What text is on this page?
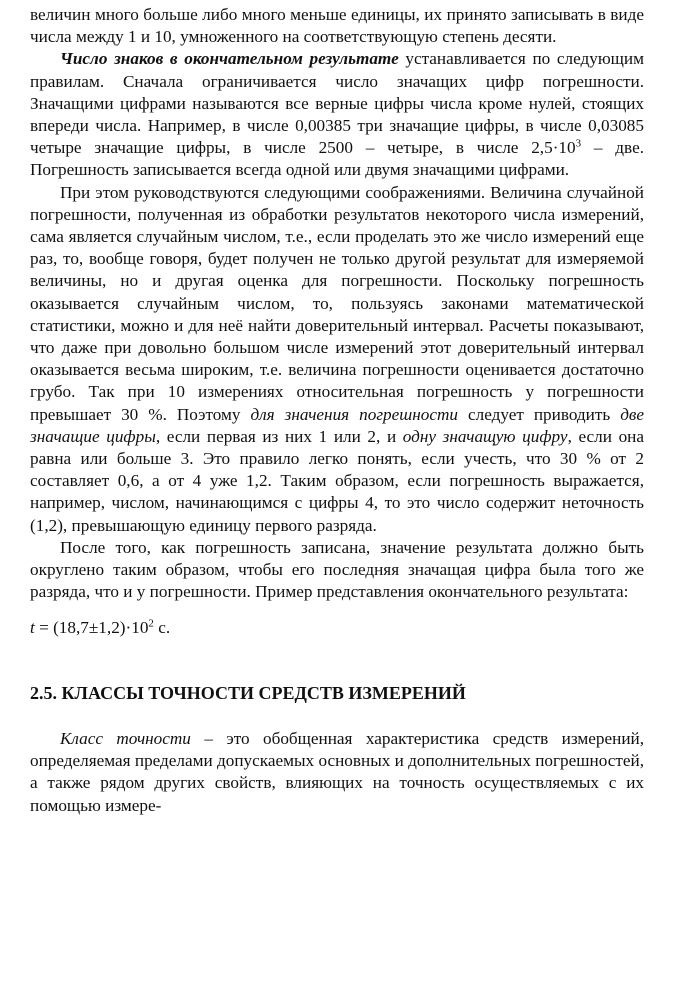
величин много больше либо много меньше единицы, их принято записывать в виде числа между 1 и 10, умноженного на соответствующую степень десяти.

Число знаков в окончательном результате устанавливается по следующим правилам. Сначала ограничивается число значащих цифр погрешности. Значащими цифрами называются все верные цифры числа кроме нулей, стоящих впереди числа. Например, в числе 0,00385 три значащие цифры, в числе 0,03085 четыре значащие цифры, в числе 2500 – четыре, в числе $2,5\cdot 10^3$ – две. Погрешность записывается всегда одной или двумя значащими цифрами.

При этом руководствуются следующими соображениями. Величина случайной погрешности, полученная из обработки результатов некоторого числа измерений, сама является случайным числом, т.е., если проделать это же число измерений еще раз, то, вообще говоря, будет получен не только другой результат для измеряемой величины, но и другая оценка для погрешности. Поскольку погрешность оказывается случайным числом, то, пользуясь законами математической статистики, можно и для неё найти доверительный интервал. Расчеты показывают, что даже при довольно большом числе измерений этот доверительный интервал оказывается весьма широким, т.е. величина погрешности оценивается достаточно грубо. Так при 10 измерениях относительная погрешность у погрешности превышает 30 %. Поэтому для значения погрешности следует приводить две значащие цифры, если первая из них 1 или 2, и одну значащую цифру, если она равна или больше 3. Это правило легко понять, если учесть, что 30 % от 2 составляет 0,6, а от 4 уже 1,2. Таким образом, если погрешность выражается, например, числом, начинающимся с цифры 4, то это число содержит неточность (1,2), превышающую единицу первого разряда.

После того, как погрешность записана, значение результата должно быть округлено таким образом, чтобы его последняя значащая цифра была того же разряда, что и у погрешности. Пример представления окончательного результата:

$t = (18,7\pm 1,2)\cdot 10^2$ с.

2.5. КЛАССЫ ТОЧНОСТИ СРЕДСТВ ИЗМЕРЕНИЙ

Класс точности – это обобщенная характеристика средств измерений, определяемая пределами допускаемых основных и дополнительных погрешностей, а также рядом других свойств, влияющих на точность осуществляемых с их помощью измере-
